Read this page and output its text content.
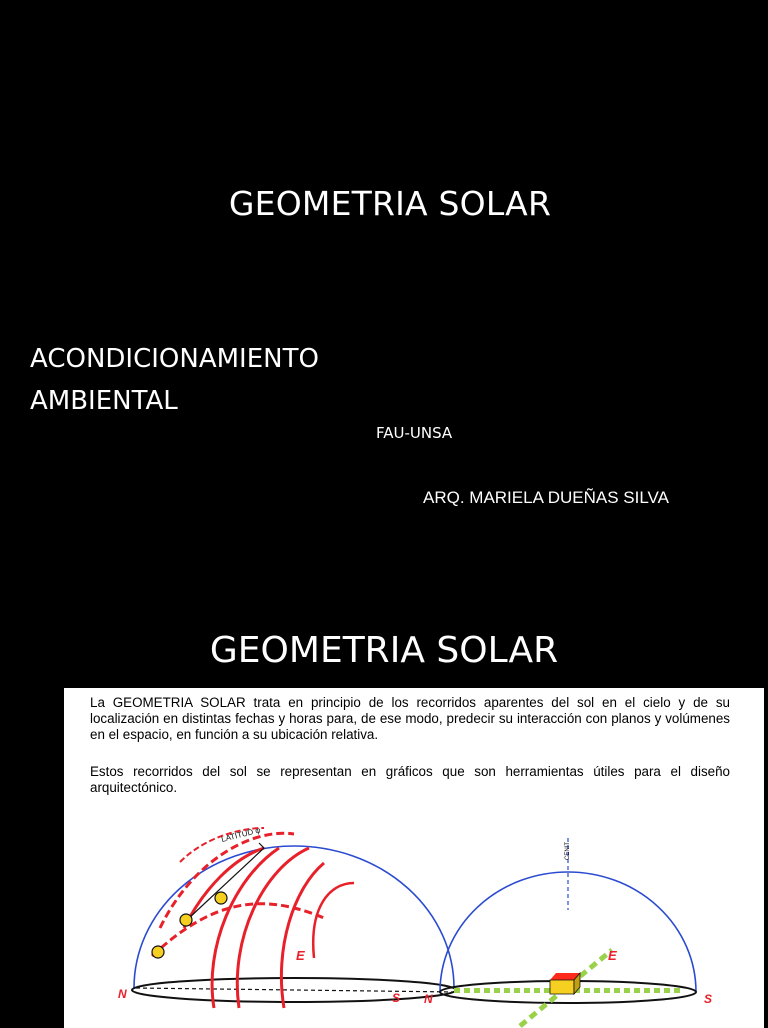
GEOMETRIA SOLAR
ACONDICIONAMIENTO
AMBIENTAL
FAU-UNSA
ARQ. MARIELA DUEÑAS SILVA
GEOMETRIA SOLAR
La GEOMETRIA SOLAR trata en principio de los recorridos aparentes del sol en el cielo y de su localización en distintas fechas y horas para, de ese modo, predecir su interacción con planos y volúmenes en el espacio, en función a su ubicación relativa.
Estos recorridos del sol se representan en gráficos que son herramientas útiles para el diseño arquitectónico.
LATITUD φ
E
N	S
CENIT
E
N	S
